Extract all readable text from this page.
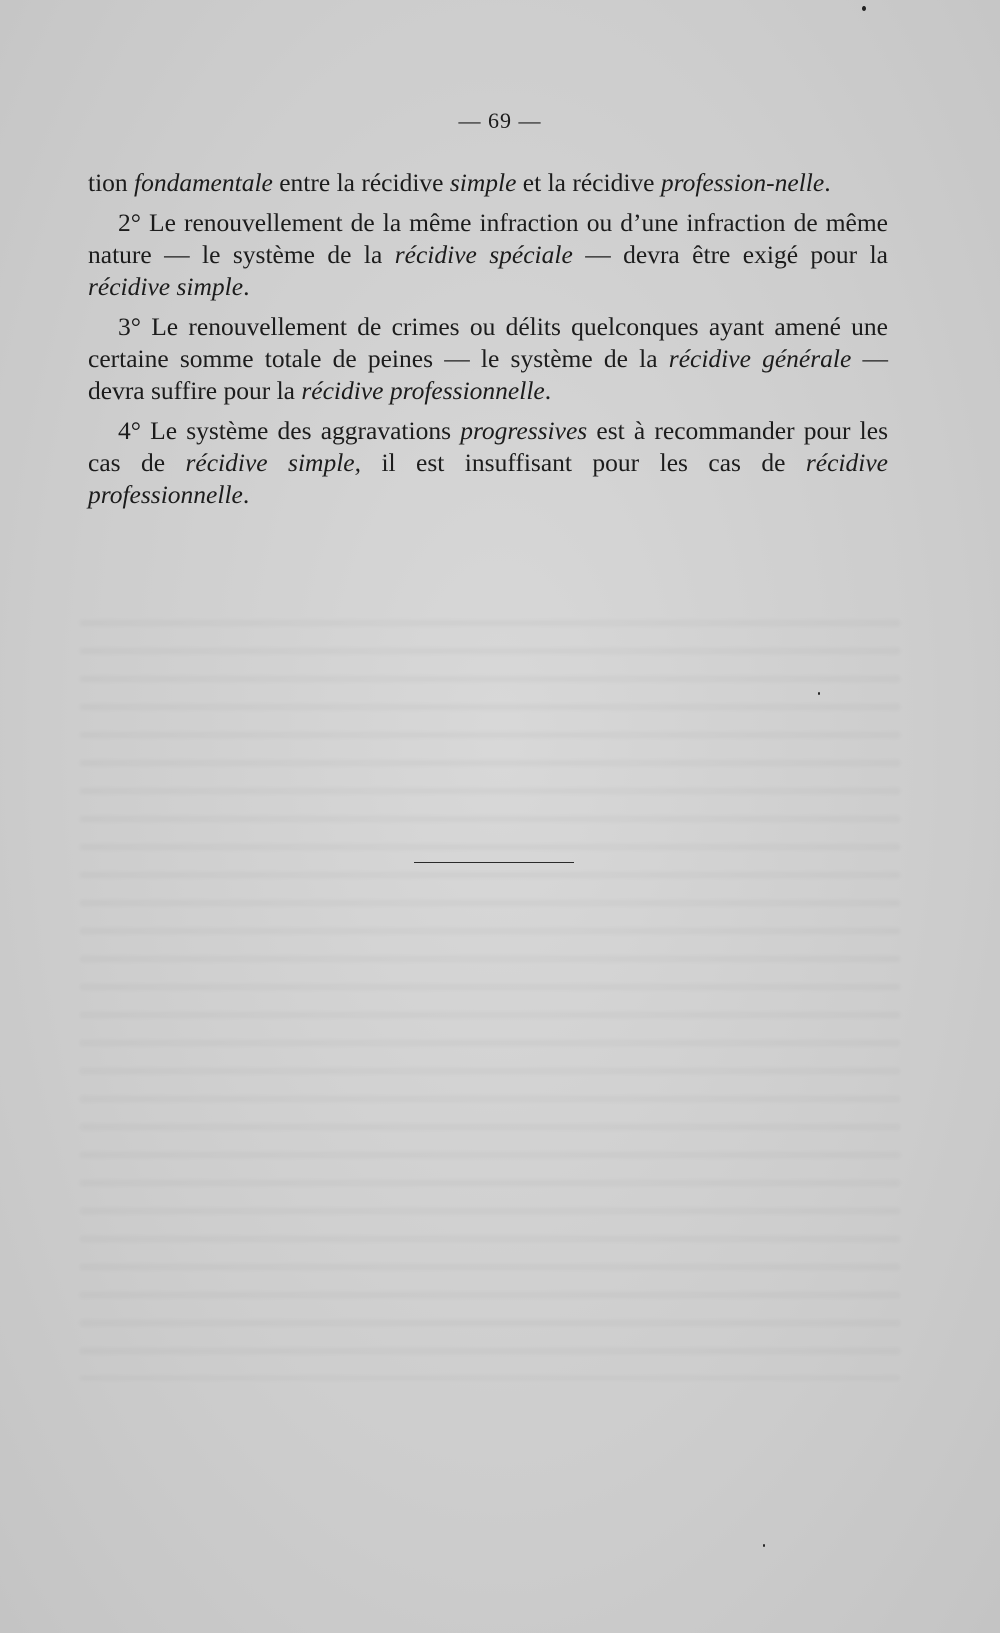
— 69 —

tion fondamentale entre la récidive simple et la récidive profession-nelle.

2° Le renouvellement de la même infraction ou d’une infraction de même nature — le système de la récidive spéciale — devra être exigé pour la récidive simple.

3° Le renouvellement de crimes ou délits quelconques ayant amené une certaine somme totale de peines — le système de la récidive générale — devra suffire pour la récidive professionnelle.

4° Le système des aggravations progressives est à recommander pour les cas de récidive simple, il est insuffisant pour les cas de récidive professionnelle.
